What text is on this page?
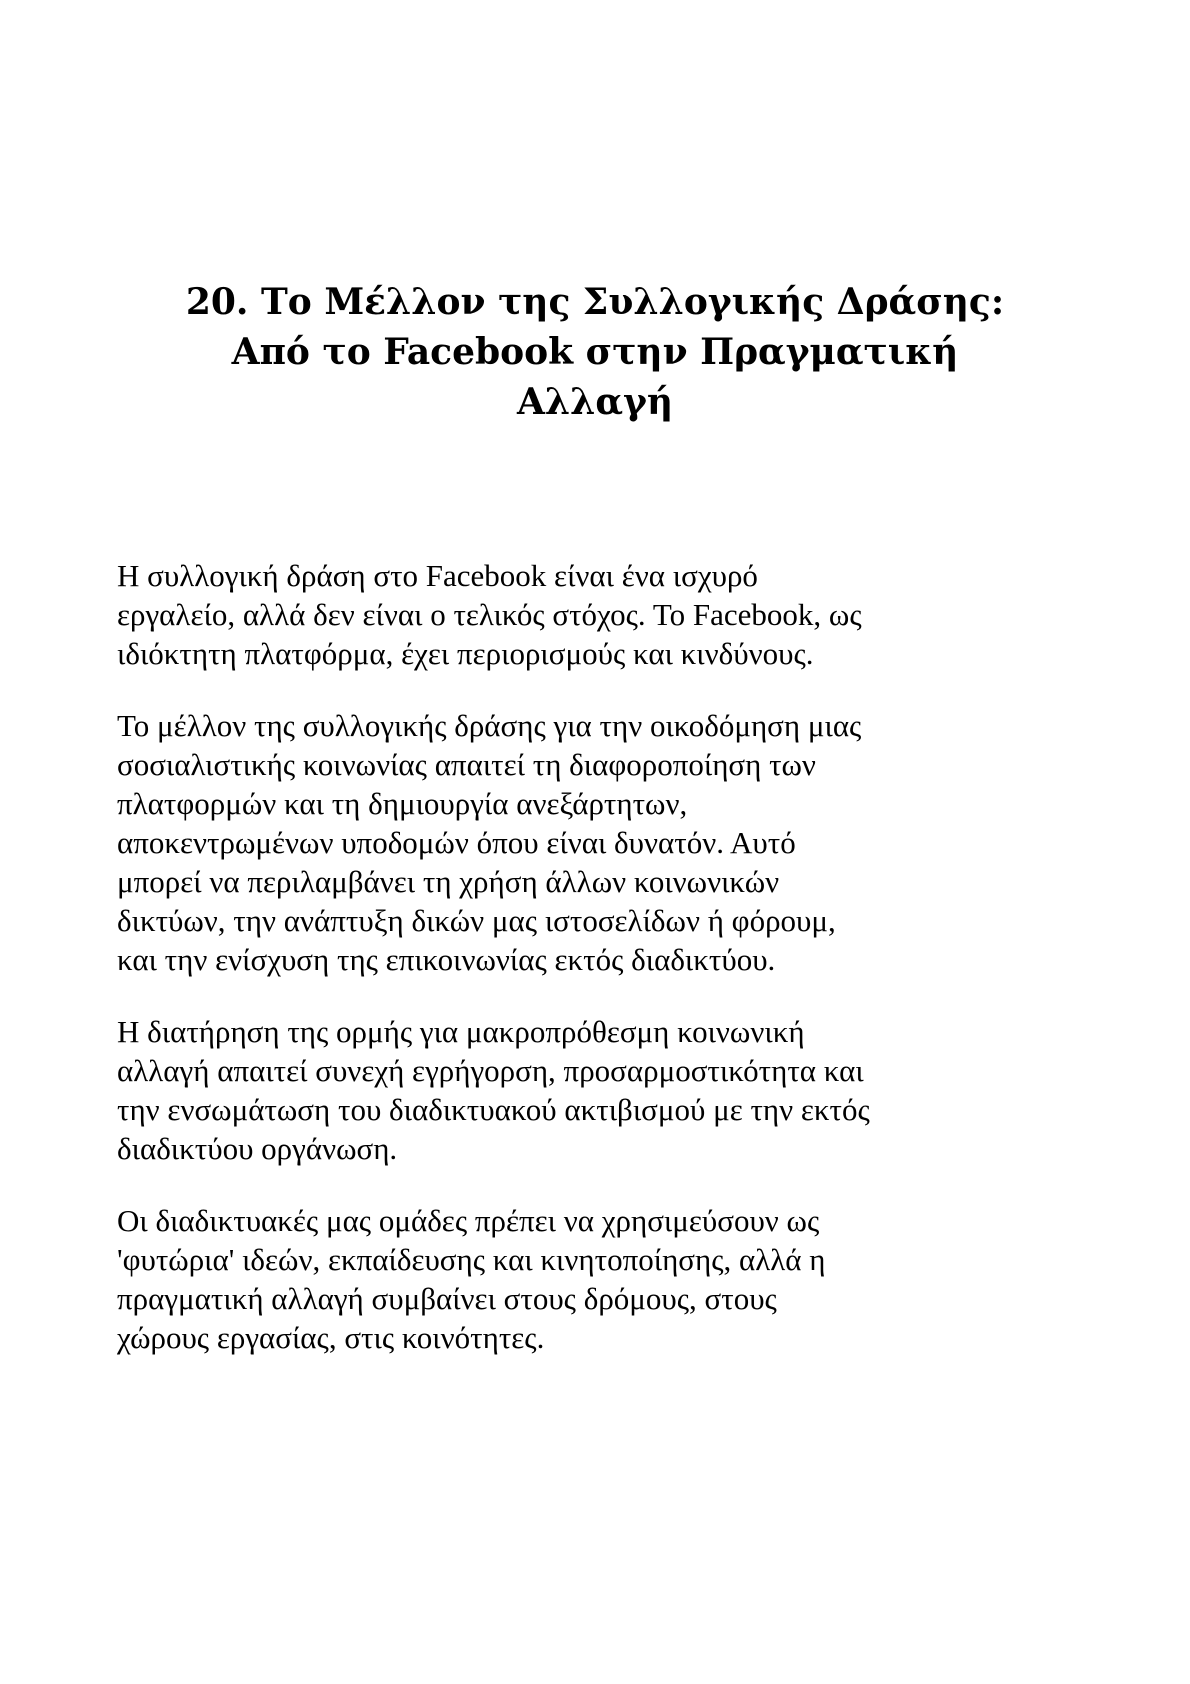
20. Το Μέλλον της Συλλογικής Δράσης:
Από το Facebook στην Πραγματική
Αλλαγή

Η συλλογική δράση στο Facebook είναι ένα ισχυρό
εργαλείο, αλλά δεν είναι ο τελικός στόχος. Το Facebook, ως
ιδιόκτητη πλατφόρμα, έχει περιορισμούς και κινδύνους.

Το μέλλον της συλλογικής δράσης για την οικοδόμηση μιας
σοσιαλιστικής κοινωνίας απαιτεί τη διαφοροποίηση των
πλατφορμών και τη δημιουργία ανεξάρτητων,
αποκεντρωμένων υποδομών όπου είναι δυνατόν. Αυτό
μπορεί να περιλαμβάνει τη χρήση άλλων κοινωνικών
δικτύων, την ανάπτυξη δικών μας ιστοσελίδων ή φόρουμ,
και την ενίσχυση της επικοινωνίας εκτός διαδικτύου.

Η διατήρηση της ορμής για μακροπρόθεσμη κοινωνική
αλλαγή απαιτεί συνεχή εγρήγορση, προσαρμοστικότητα και
την ενσωμάτωση του διαδικτυακού ακτιβισμού με την εκτός
διαδικτύου οργάνωση.

Οι διαδικτυακές μας ομάδες πρέπει να χρησιμεύσουν ως
'φυτώρια' ιδεών, εκπαίδευσης και κινητοποίησης, αλλά η
πραγματική αλλαγή συμβαίνει στους δρόμους, στους
χώρους εργασίας, στις κοινότητες.
